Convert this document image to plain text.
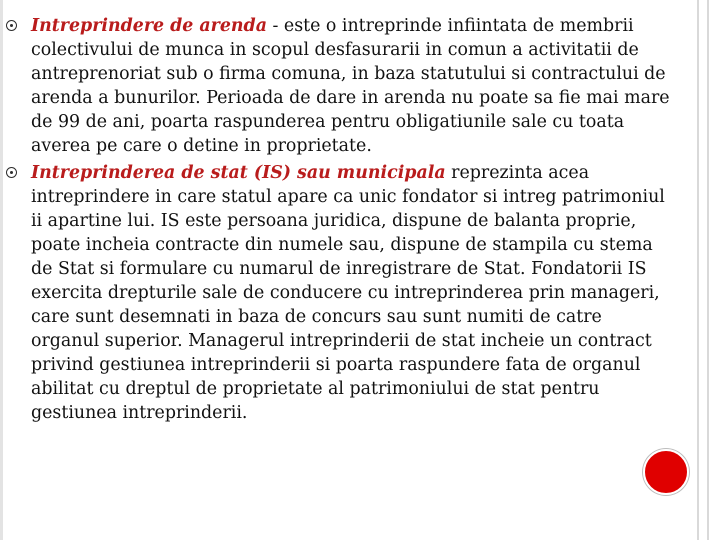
Intreprindere de arenda - este o intreprinde infiintata de membrii colectivului de munca in scopul desfasurarii in comun a activitatii de antreprenoriat sub o firma comuna, in baza statutului si contractului de arenda a bunurilor. Perioada de dare in arenda nu poate sa fie mai mare de 99 de ani, poarta raspunderea pentru obligatiunile sale cu toata averea pe care o detine in proprietate.
Intreprinderea de stat (IS) sau municipala reprezinta acea intreprindere in care statul apare ca unic fondator si intreg patrimoniul ii apartine lui. IS este persoana juridica, dispune de balanta proprie, poate incheia contracte din numele sau, dispune de stampila cu stema de Stat si formulare cu numarul de inregistrare de Stat. Fondatorii IS exercita drepturile sale de conducere cu intreprinderea prin manageri, care sunt desemnati in baza de concurs sau sunt numiti de catre organul superior. Managerul intreprinderii de stat incheie un contract privind gestiunea intreprinderii si poarta raspundere fata de organul abilitat cu dreptul de proprietate al patrimoniului de stat pentru gestiunea intreprinderii.
